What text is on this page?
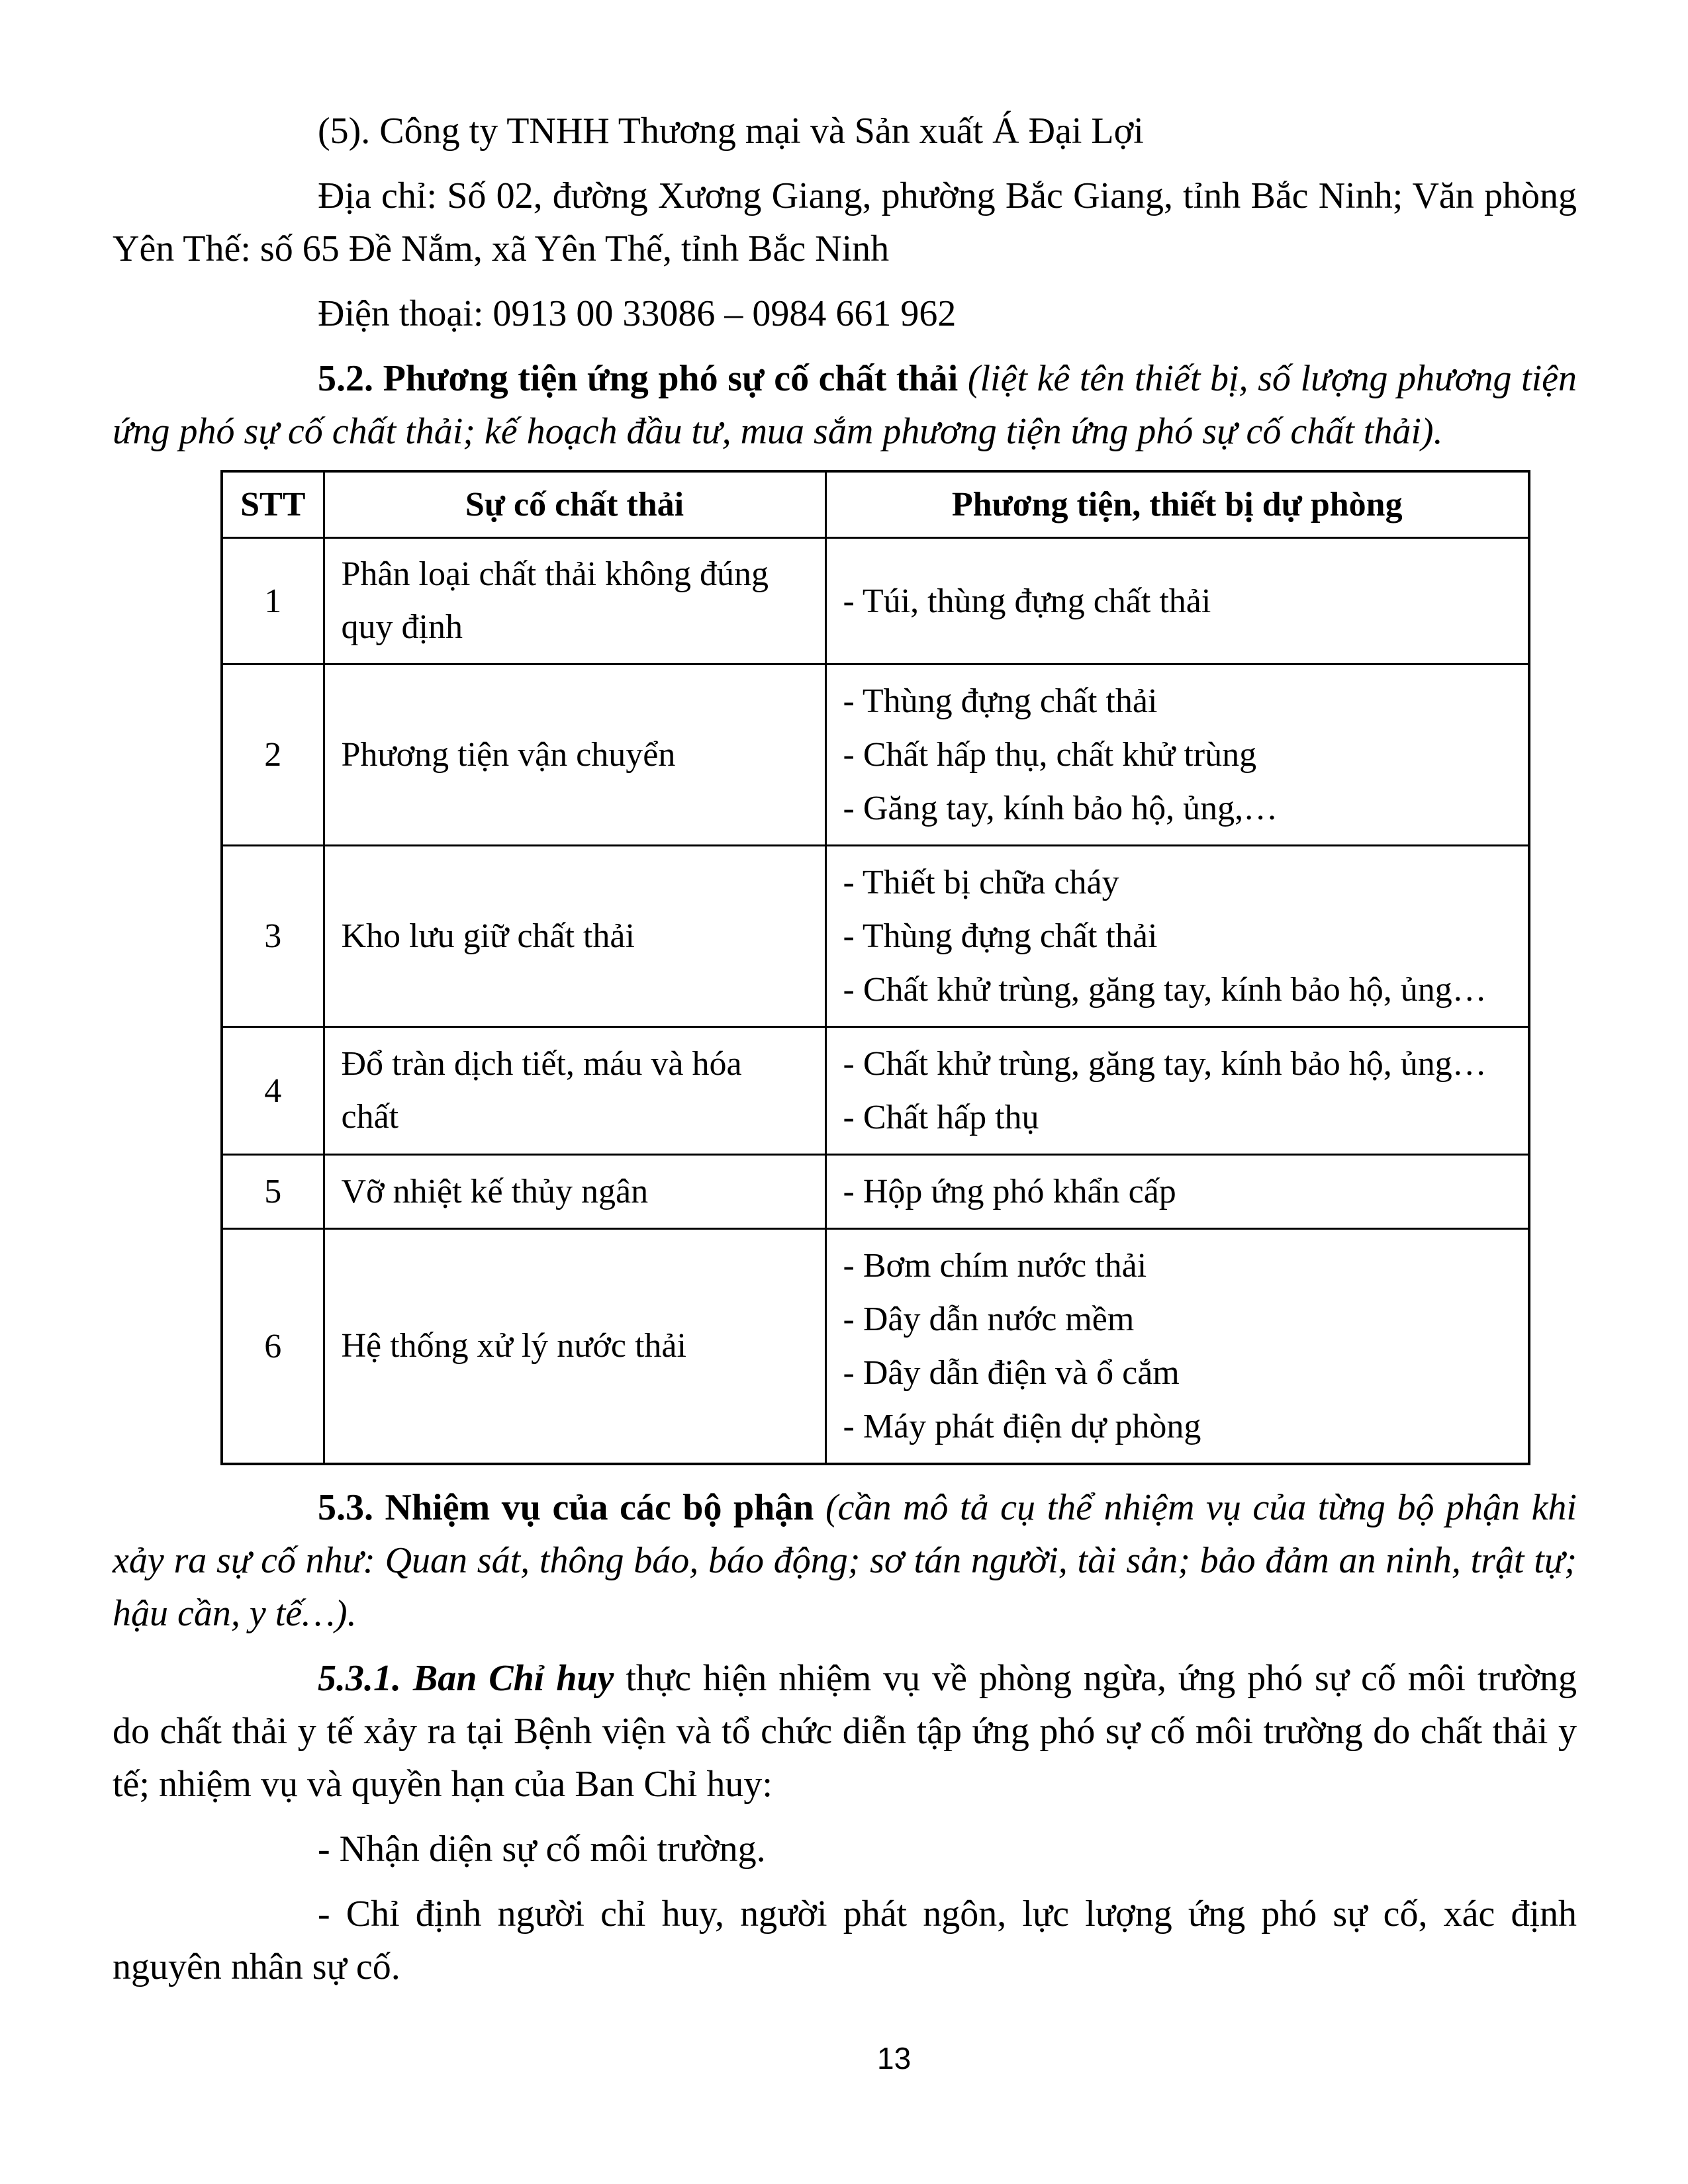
(5). Công ty TNHH Thương mại và Sản xuất Á Đại Lợi

Địa chỉ: Số 02, đường Xương Giang, phường Bắc Giang, tỉnh Bắc Ninh; Văn phòng Yên Thế: số 65 Đề Nắm, xã Yên Thế, tỉnh Bắc Ninh

Điện thoại: 0913 00 33086 – 0984 661 962

5.2. Phương tiện ứng phó sự cố chất thải (liệt kê tên thiết bị, số lượng phương tiện ứng phó sự cố chất thải; kế hoạch đầu tư, mua sắm phương tiện ứng phó sự cố chất thải).

STT	Sự cố chất thải	Phương tiện, thiết bị dự phòng
1	Phân loại chất thải không đúng quy định	- Túi, thùng đựng chất thải

2	Phương tiện vận chuyển	- Thùng đựng chất thải
- Chất hấp thụ, chất khử trùng
- Găng tay, kính bảo hộ, ủng,…

3	Kho lưu giữ chất thải	- Thiết bị chữa cháy
- Thùng đựng chất thải
- Chất khử trùng, găng tay, kính bảo hộ, ủng…

4	Đổ tràn dịch tiết, máu và hóa chất	- Chất khử trùng, găng tay, kính bảo hộ, ủng…
- Chất hấp thụ

5	Vỡ nhiệt kế thủy ngân	- Hộp ứng phó khẩn cấp

6	Hệ thống xử lý nước thải	- Bơm chím nước thải
- Dây dẫn nước mềm
- Dây dẫn điện và ổ cắm
- Máy phát điện dự phòng

5.3. Nhiệm vụ của các bộ phận (cần mô tả cụ thể nhiệm vụ của từng bộ phận khi xảy ra sự cố như: Quan sát, thông báo, báo động; sơ tán người, tài sản; bảo đảm an ninh, trật tự; hậu cần, y tế…).

5.3.1. Ban Chỉ huy thực hiện nhiệm vụ về phòng ngừa, ứng phó sự cố môi trường do chất thải y tế xảy ra tại Bệnh viện và tổ chức diễn tập ứng phó sự cố môi trường do chất thải y tế; nhiệm vụ và quyền hạn của Ban Chỉ huy:

- Nhận diện sự cố môi trường.

- Chỉ định người chỉ huy, người phát ngôn, lực lượng ứng phó sự cố, xác định nguyên nhân sự cố.

13
